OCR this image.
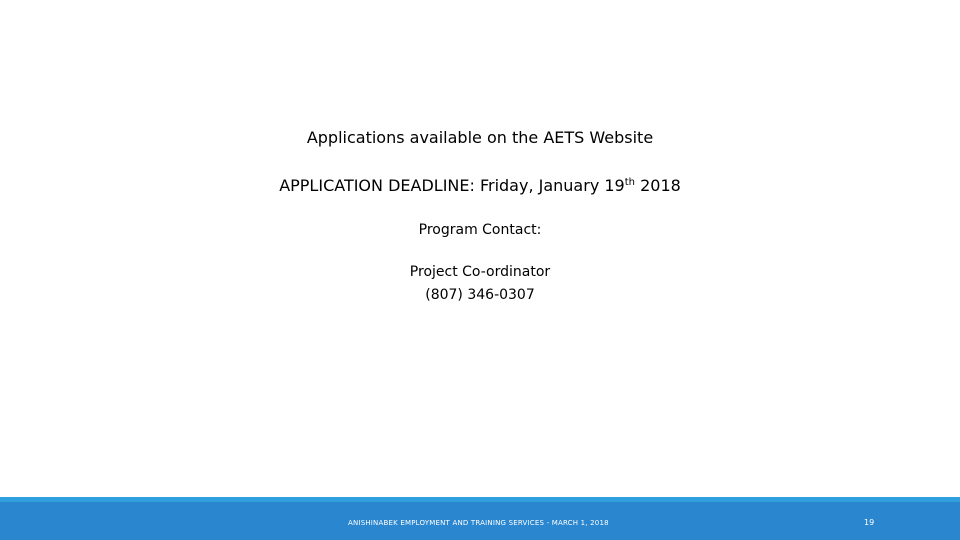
Applications available on the AETS Website
APPLICATION DEADLINE: Friday, January 19th 2018
Program Contact:
Project Co-ordinator
(807) 346-0307
ANISHINABEK EMPLOYMENT AND TRAINING SERVICES - MARCH 1, 2018	19
